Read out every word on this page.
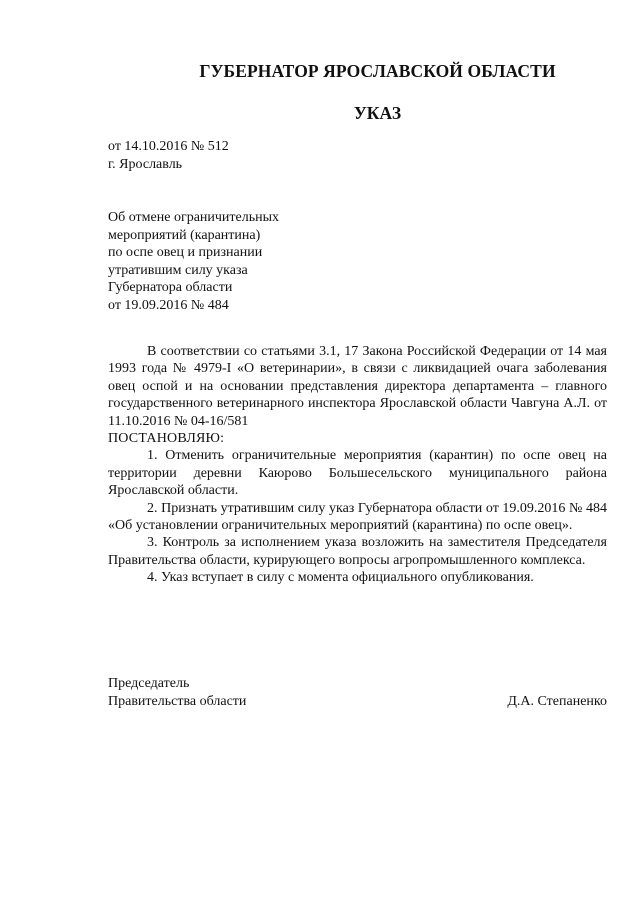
ГУБЕРНАТОР ЯРОСЛАВСКОЙ ОБЛАСТИ
УКАЗ
от 14.10.2016 № 512
г. Ярославль
Об отмене ограничительных
мероприятий (карантина)
по оспе овец и признании
утратившим силу указа
Губернатора области
от 19.09.2016 № 484

В соответствии со статьями 3.1, 17 Закона Российской Федерации от 14 мая 1993 года № 4979-I «О ветеринарии», в связи с ликвидацией очага заболевания овец оспой и на основании представления директора департамента – главного государственного ветеринарного инспектора Ярославской области Чавгуна А.Л. от 11.10.2016 № 04-16/581

ПОСТАНОВЛЯЮ:

1. Отменить ограничительные мероприятия (карантин) по оспе овец на территории деревни Каюрово Большесельского муниципального района Ярославской области.

2. Признать утратившим силу указ Губернатора области от 19.09.2016 № 484 «Об установлении ограничительных мероприятий (карантина) по оспе овец».

3. Контроль за исполнением указа возложить на заместителя Председателя Правительства области, курирующего вопросы агропромышленного комплекса.

4. Указ вступает в силу с момента официального опубликования.

Председатель
Правительства области	Д.А. Степаненко
